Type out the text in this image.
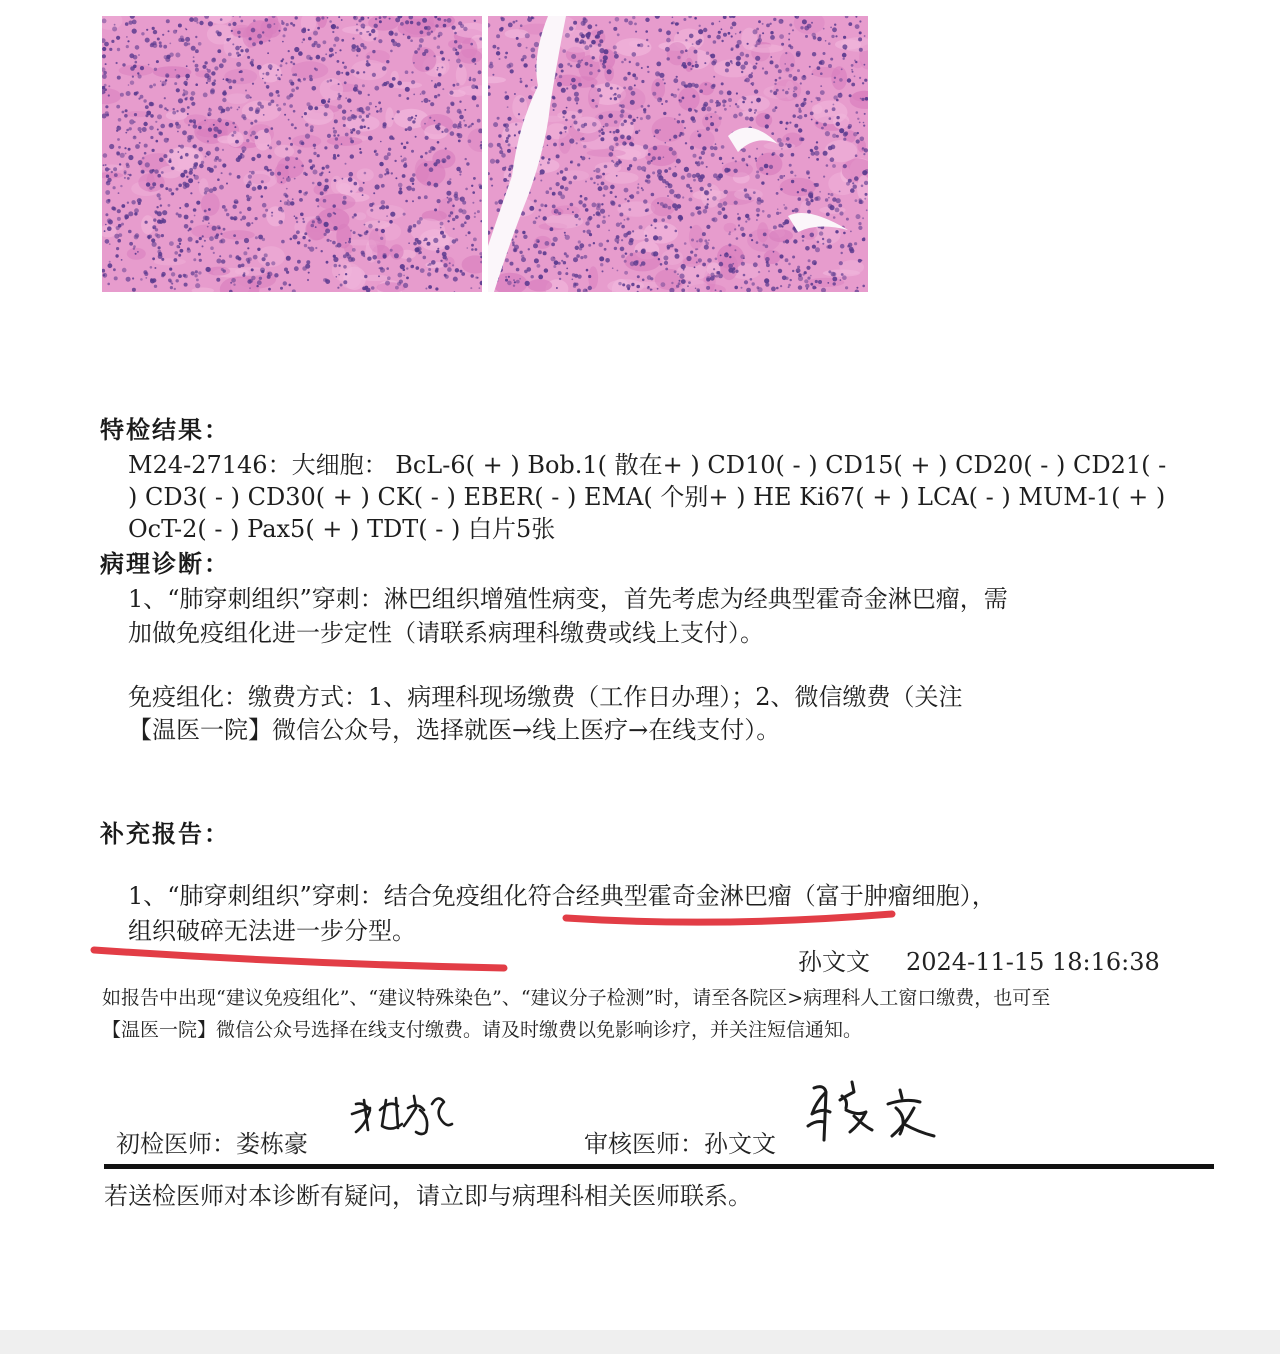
特检结果：
M24-27146：大细胞： BcL-6( + ) Bob.1( 散在+ ) CD10( - ) CD15( + ) CD20( - ) CD21( -
) CD3( - ) CD30( + ) CK( - ) EBER( - ) EMA( 个别+ ) HE Ki67( + ) LCA( - ) MUM-1( + )
OcT-2( - ) Pax5( + ) TDT( - ) 白片5张
病理诊断：
1、“肺穿刺组织”穿刺：淋巴组织增殖性病变，首先考虑为经典型霍奇金淋巴瘤，需
加做免疫组化进一步定性（请联系病理科缴费或线上支付）。
免疫组化：缴费方式：1、病理科现场缴费（工作日办理）；2、微信缴费（关注
【温医一院】微信公众号，选择就医→线上医疗→在线支付）。
补充报告：
1、“肺穿刺组织”穿刺：结合免疫组化符合经典型霍奇金淋巴瘤（富于肿瘤细胞），
组织破碎无法进一步分型。
孙文文 2024-11-15 18:16:38
如报告中出现“建议免疫组化”、“建议特殊染色”、“建议分子检测”时，请至各院区>病理科人工窗口缴费，也可至
【温医一院】微信公众号选择在线支付缴费。请及时缴费以免影响诊疗，并关注短信通知。
初检医师：娄栋豪	审核医师：孙文文
若送检医师对本诊断有疑问，请立即与病理科相关医师联系。
